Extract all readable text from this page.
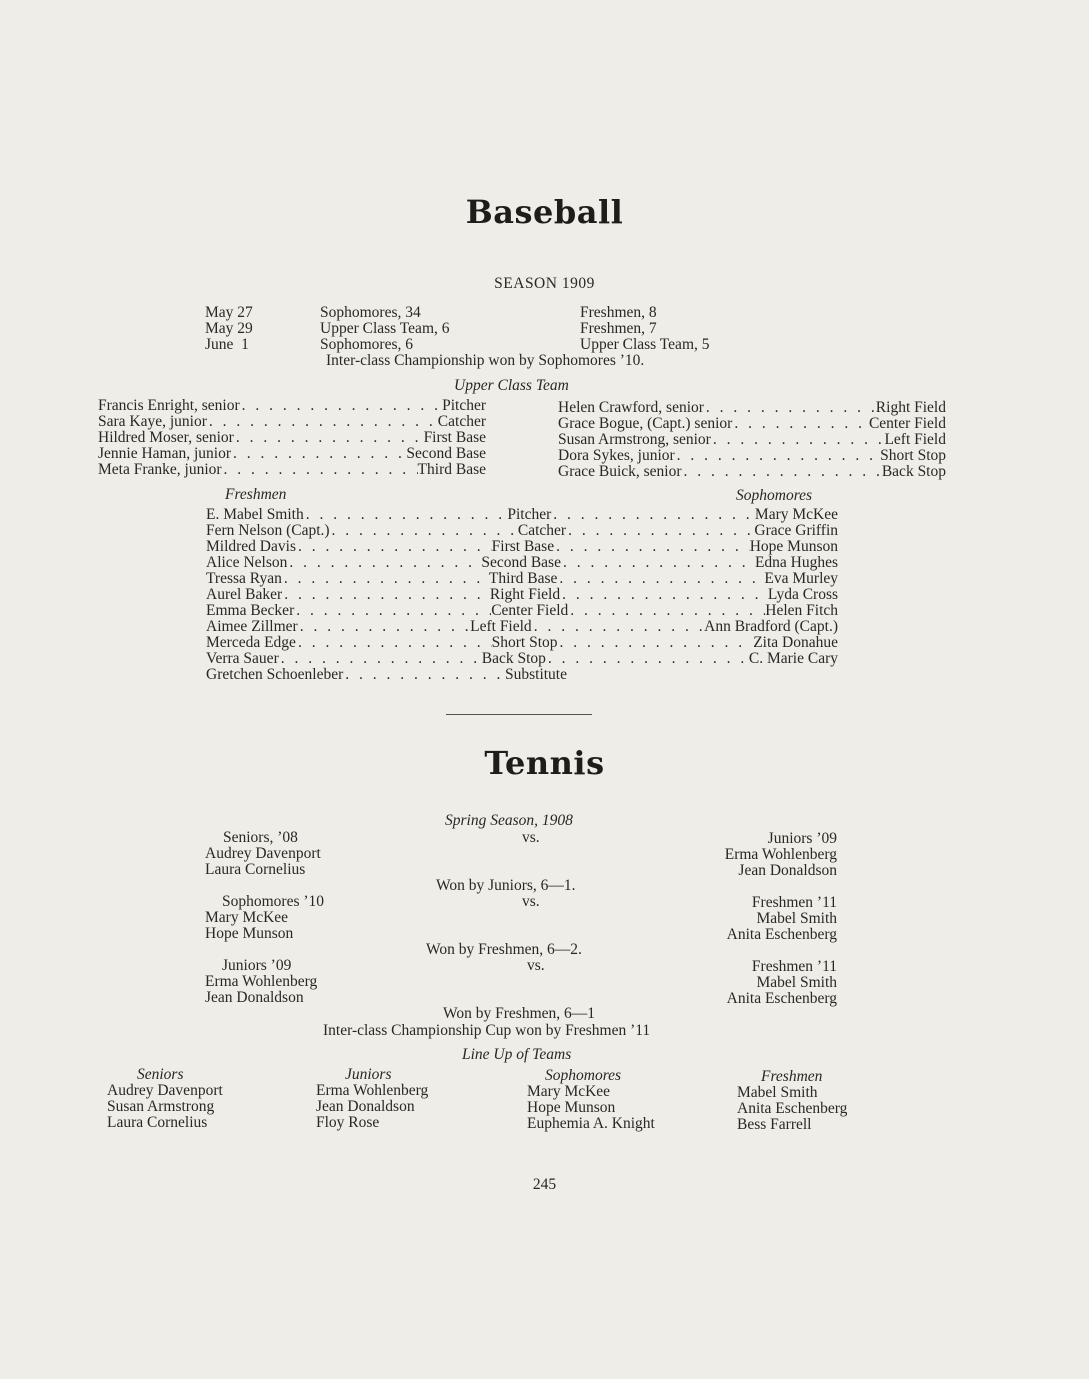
Baseball
SEASON 1909
May 27	Sophomores, 34	Freshmen, 8
May 29	Upper Class Team, 6	Freshmen, 7
June  1	Sophomores, 6	Upper Class Team, 5
Inter-class Championship won by Sophomores ’10.
Upper Class Team
Francis Enright, senior . . .	Pitcher
Sara Kaye, junior . . .	Catcher
Hildred Moser, senior . . .	First Base
Jennie Haman, junior . . .	Second Base
Meta Franke, junior . . .	Third Base
Helen Crawford, senior . . .	Right Field
Grace Bogue, (Capt.) senior . . .	Center Field
Susan Armstrong, senior . . .	Left Field
Dora Sykes, junior . . .	Short Stop
Grace Buick, senior . . .	Back Stop
Freshmen	Sophomores
E. Mabel Smith . . .	Pitcher . . .	Mary McKee
Fern Nelson (Capt.) . . .	Catcher . . .	Grace Griffin
Mildred Davis . . .	First Base . . .	Hope Munson
Alice Nelson . . .	Second Base . . .	Edna Hughes
Tressa Ryan . . .	Third Base . . .	Eva Murley
Aurel Baker . . .	Right Field . . .	Lyda Cross
Emma Becker . . .	Center Field . . .	Helen Fitch
Aimee Zillmer . . .	Left Field . . .	Ann Bradford (Capt.)
Merceda Edge . . .	Short Stop . . .	Zita Donahue
Verra Sauer . . .	Back Stop . . .	C. Marie Cary
Gretchen Schoenleber . . .	Substitute
Tennis
Spring Season, 1908
Seniors, ’08
Audrey Davenport
Laura Cornelius
vs.	Juniors ’09
Erma Wohlenberg
Jean Donaldson
Won by Juniors, 6—1.
Sophomores ’10
Mary McKee
Hope Munson
vs.	Freshmen ’11
Mabel Smith
Anita Eschenberg
Won by Freshmen, 6—2.
Juniors ’09
Erma Wohlenberg
Jean Donaldson
vs.	Freshmen ’11
Mabel Smith
Anita Eschenberg
Won by Freshmen, 6—1
Inter-class Championship Cup won by Freshmen ’11
Line Up of Teams
Seniors
Audrey Davenport
Susan Armstrong
Laura Cornelius
Juniors
Erma Wohlenberg
Jean Donaldson
Floy Rose
Sophomores
Mary McKee
Hope Munson
Euphemia A. Knight
Freshmen
Mabel Smith
Anita Eschenberg
Bess Farrell
245
